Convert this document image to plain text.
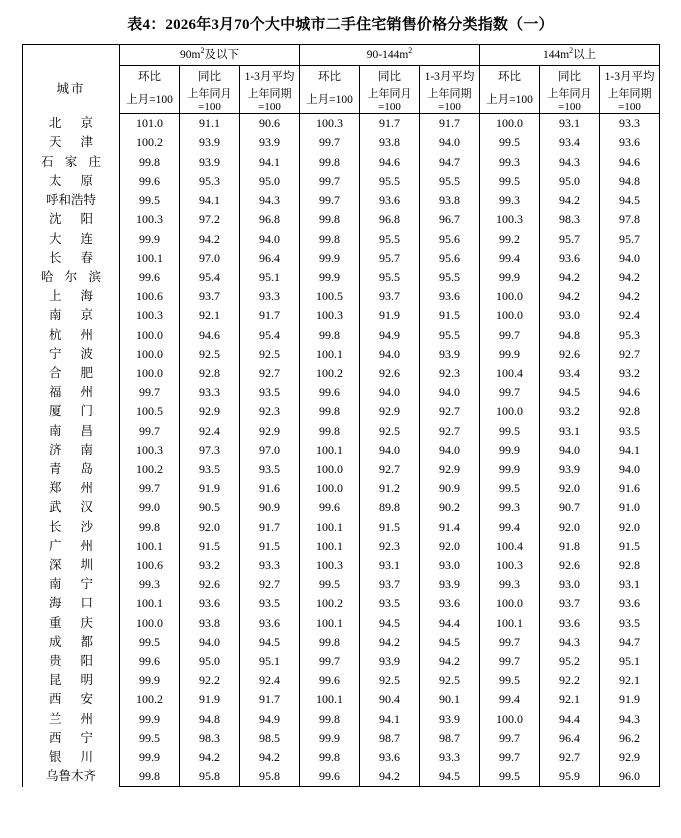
表4：2026年3月70个大中城市二手住宅销售价格分类指数（一）
	$90m^2$及以下			$90-144m^2$			$144m^2$以上		
城市	环比	同比	1-3月平均	环比	同比	1-3月平均	环比	同比	1-3月平均
	上月=100	上年同月=100	上年同期=100	上月=100	上年同月=100	上年同期=100	上月=100	上年同月=100	上年同期=100

北 京	101.0	91.1	90.6	100.3	91.7	91.7	100.0	93.1	93.3

天 津	100.2	93.9	93.9	99.7	93.8	94.0	99.5	93.4	93.6

石 家 庄	99.8	93.9	94.1	99.8	94.6	94.7	99.3	94.3	94.6

太 原	99.6	95.3	95.0	99.7	95.5	95.5	99.5	95.0	94.8

呼和浩特	99.5	94.1	94.3	99.7	93.6	93.8	99.3	94.2	94.5

沈 阳	100.3	97.2	96.8	99.8	96.8	96.7	100.3	98.3	97.8

大 连	99.9	94.2	94.0	99.8	95.5	95.6	99.2	95.7	95.7

长 春	100.1	97.0	96.4	99.9	95.7	95.6	99.4	93.6	94.0

哈 尔 滨	99.6	95.4	95.1	99.9	95.5	95.5	99.9	94.2	94.2

上 海	100.6	93.7	93.3	100.5	93.7	93.6	100.0	94.2	94.2

南 京	100.3	92.1	91.7	100.3	91.9	91.5	100.0	93.0	92.4

杭 州	100.0	94.6	95.4	99.8	94.9	95.5	99.7	94.8	95.3

宁 波	100.0	92.5	92.5	100.1	94.0	93.9	99.9	92.6	92.7

合 肥	100.0	92.8	92.7	100.2	92.6	92.3	100.4	93.4	93.2

福 州	99.7	93.3	93.5	99.6	94.0	94.0	99.7	94.5	94.6

厦 门	100.5	92.9	92.3	99.8	92.9	92.7	100.0	93.2	92.8

南 昌	99.7	92.4	92.9	99.8	92.5	92.7	99.5	93.1	93.5

济 南	100.3	97.3	97.0	100.1	94.0	94.0	99.9	94.0	94.1

青 岛	100.2	93.5	93.5	100.0	92.7	92.9	99.9	93.9	94.0

郑 州	99.7	91.9	91.6	100.0	91.2	90.9	99.5	92.0	91.6

武 汉	99.0	90.5	90.9	99.6	89.8	90.2	99.3	90.7	91.0

长 沙	99.8	92.0	91.7	100.1	91.5	91.4	99.4	92.0	92.0

广 州	100.1	91.5	91.5	100.1	92.3	92.0	100.4	91.8	91.5

深 圳	100.6	93.2	93.3	100.3	93.1	93.0	100.3	92.6	92.8

南 宁	99.3	92.6	92.7	99.5	93.7	93.9	99.3	93.0	93.1

海 口	100.1	93.6	93.5	100.2	93.5	93.6	100.0	93.7	93.6

重 庆	100.0	93.8	93.6	100.1	94.5	94.4	100.1	93.6	93.5

成 都	99.5	94.0	94.5	99.8	94.2	94.5	99.7	94.3	94.7

贵 阳	99.6	95.0	95.1	99.7	93.9	94.2	99.7	95.2	95.1

昆 明	99.9	92.2	92.4	99.6	92.5	92.5	99.5	92.2	92.1

西 安	100.2	91.9	91.7	100.1	90.4	90.1	99.4	92.1	91.9

兰 州	99.9	94.8	94.9	99.8	94.1	93.9	100.0	94.4	94.3

西 宁	99.5	98.3	98.5	99.9	98.7	98.7	99.7	96.4	96.2

银 川	99.9	94.2	94.2	99.8	93.6	93.3	99.7	92.7	92.9

乌鲁木齐	99.8	95.8	95.8	99.6	94.2	94.5	99.5	95.9	96.0
